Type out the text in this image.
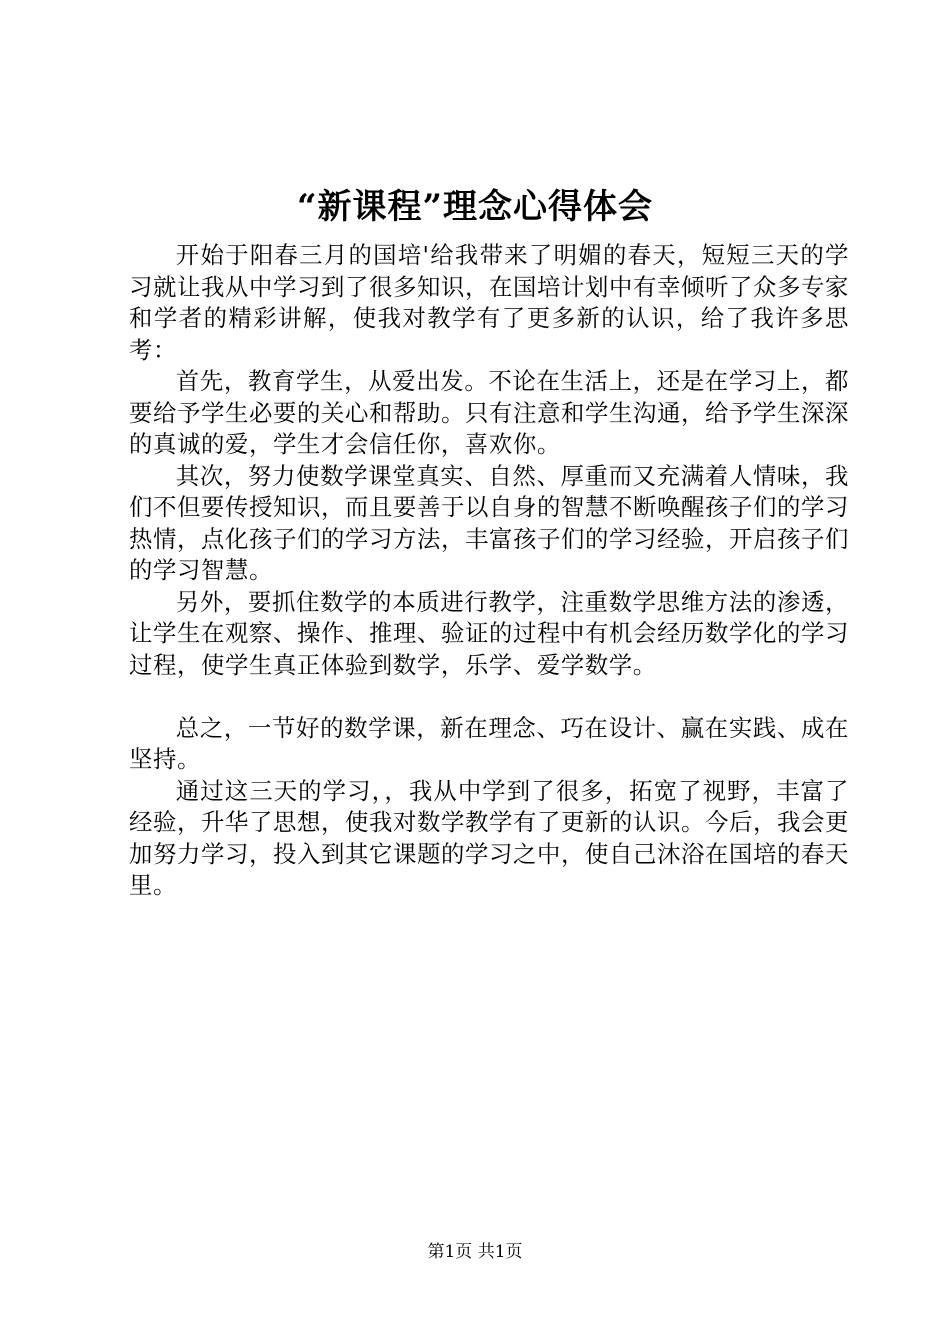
“新课程”理念心得体会

开始于阳春三月的国培'给我带来了明媚的春天，短短三天的学习就让我从中学习到了很多知识，在国培计划中有幸倾听了众多专家和学者的精彩讲解，使我对教学有了更多新的认识，给了我许多思考：

首先，教育学生，从爱出发。不论在生活上，还是在学习上，都要给予学生必要的关心和帮助。只有注意和学生沟通，给予学生深深的真诚的爱，学生才会信任你，喜欢你。

其次，努力使数学课堂真实、自然、厚重而又充满着人情味，我们不但要传授知识，而且要善于以自身的智慧不断唤醒孩子们的学习热情，点化孩子们的学习方法，丰富孩子们的学习经验，开启孩子们的学习智慧。

另外，要抓住数学的本质进行教学，注重数学思维方法的渗透，让学生在观察、操作、推理、验证的过程中有机会经历数学化的学习过程，使学生真正体验到数学，乐学、爱学数学。

总之，一节好的数学课，新在理念、巧在设计、赢在实践、成在坚持。

通过这三天的学习，，我从中学到了很多，拓宽了视野，丰富了经验，升华了思想，使我对数学教学有了更新的认识。今后，我会更加努力学习，投入到其它课题的学习之中，使自己沐浴在国培的春天里。

第1页 共1页
